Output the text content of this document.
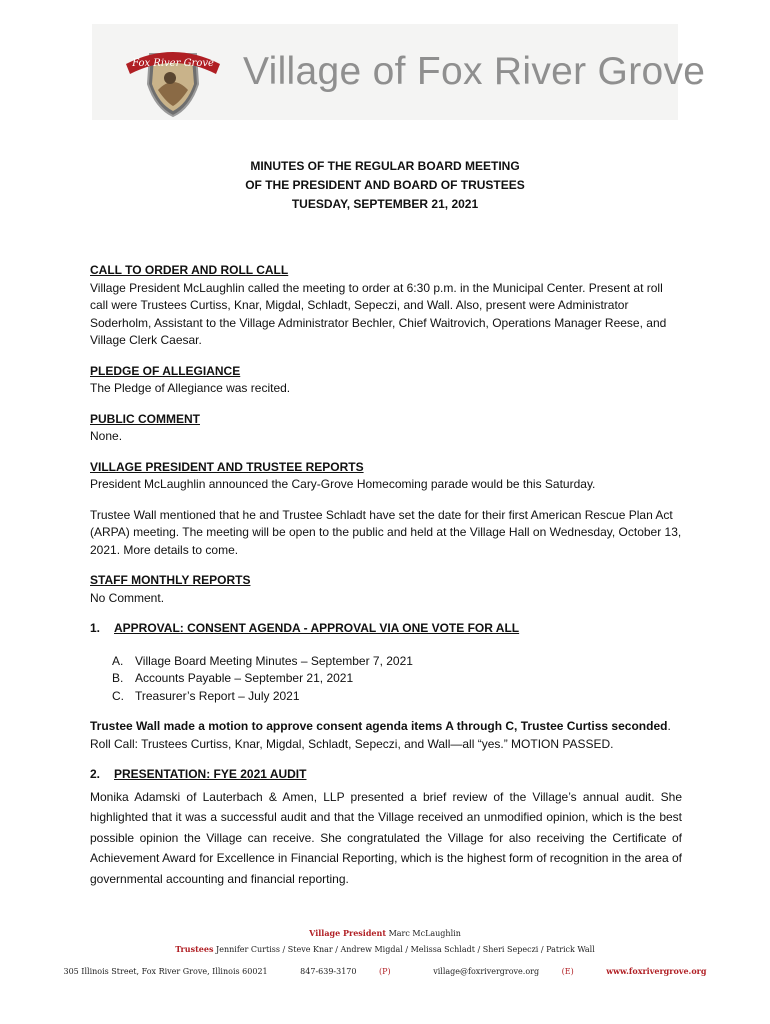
Fox River Grove Village of Fox River Grove
MINUTES OF THE REGULAR BOARD MEETING
OF THE PRESIDENT AND BOARD OF TRUSTEES
TUESDAY, SEPTEMBER 21, 2021
CALL TO ORDER AND ROLL CALL

Village President McLaughlin called the meeting to order at 6:30 p.m. in the Municipal Center. Present at roll call were Trustees Curtiss, Knar, Migdal, Schladt, Sepeczi, and Wall. Also, present were Administrator Soderholm, Assistant to the Village Administrator Bechler, Chief Waitrovich, Operations Manager Reese, and Village Clerk Caesar.

PLEDGE OF ALLEGIANCE

The Pledge of Allegiance was recited.

PUBLIC COMMENT

None.

VILLAGE PRESIDENT AND TRUSTEE REPORTS

President McLaughlin announced the Cary-Grove Homecoming parade would be this Saturday.

Trustee Wall mentioned that he and Trustee Schladt have set the date for their first American Rescue Plan Act (ARPA) meeting. The meeting will be open to the public and held at the Village Hall on Wednesday, October 13, 2021. More details to come.

STAFF MONTHLY REPORTS

No Comment.

1.	APPROVAL: CONSENT AGENDA - APPROVAL VIA ONE VOTE FOR ALL
A. Village Board Meeting Minutes – September 7, 2021
B. Accounts Payable – September 21, 2021
C. Treasurer’s Report – July 2021

Trustee Wall made a motion to approve consent agenda items A through C, Trustee Curtiss seconded.

Roll Call: Trustees Curtiss, Knar, Migdal, Schladt, Sepeczi, and Wall—all “yes.” MOTION PASSED.

2.	PRESENTATION: FYE 2021 AUDIT

Monika Adamski of Lauterbach & Amen, LLP presented a brief review of the Village’s annual audit. She highlighted that it was a successful audit and that the Village received an unmodified opinion, which is the best possible opinion the Village can receive. She congratulated the Village for also receiving the Certificate of Achievement Award for Excellence in Financial Reporting, which is the highest form of recognition in the area of governmental accounting and financial reporting.

Village President Marc McLaughlin
Trustees Jennifer Curtiss / Steve Knar / Andrew Migdal / Melissa Schladt / Sheri Sepeczi / Patrick Wall
305 Illinois Street, Fox River Grove, Illinois 60021	847-639-3170	(P)	village@foxrivergrove.org	(E)	www.foxrivergrove.org
